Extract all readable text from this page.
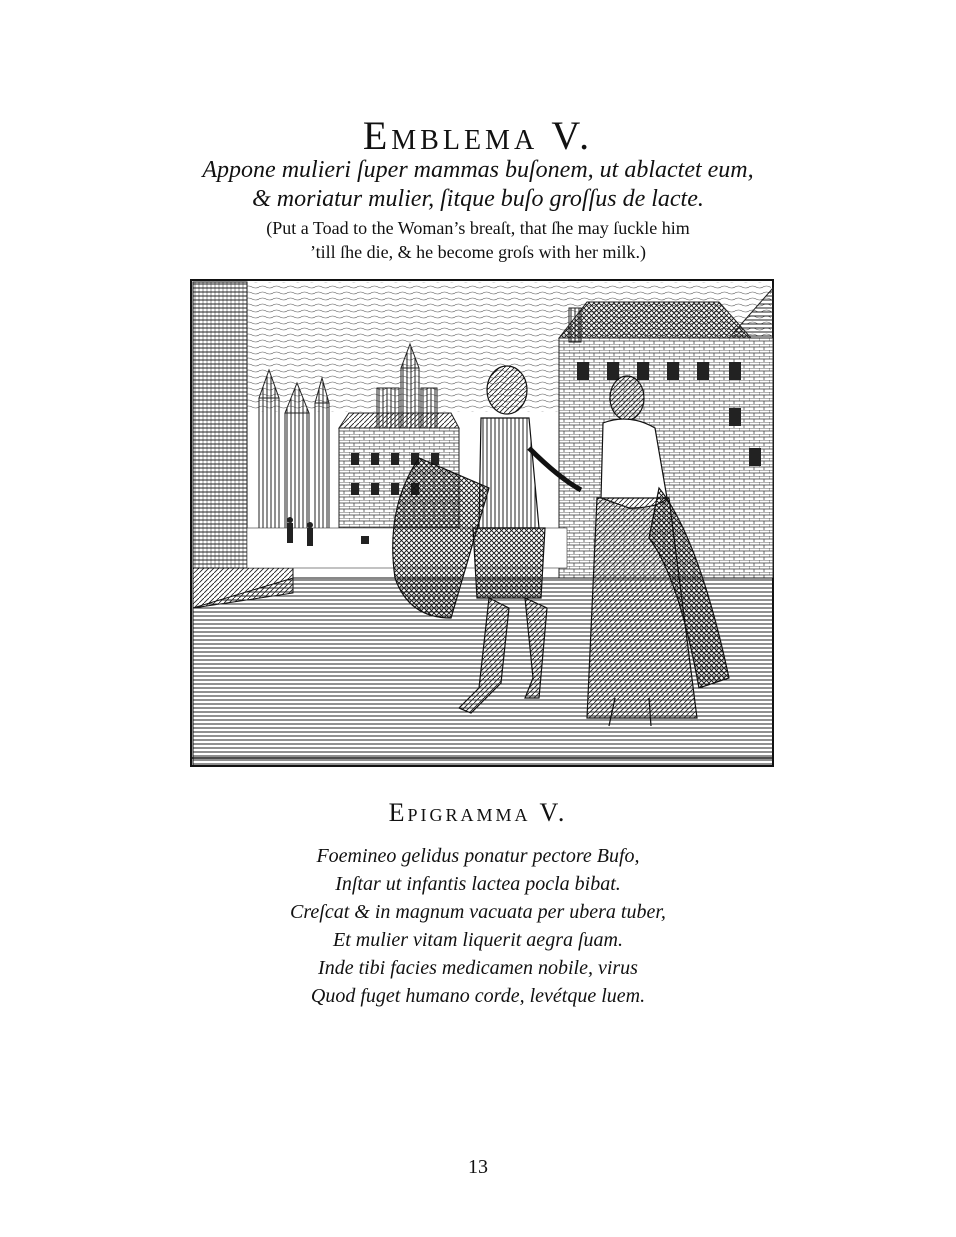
Emblema V.
Appone mulieri ſuper mammas buſonem, ut ablactet eum,
& moriatur mulier, ſitque buſo groſſus de lacte.
(Put a Toad to the Woman’s breaſt, that ſhe may ſuckle him
’till ſhe die, & he become groſs with her milk.)
Epigramma V.
Foemineo gelidus ponatur pectore Bufo,
Inſtar ut infantis lactea pocla bibat.
Creſcat & in magnum vacuata per ubera tuber,
Et mulier vitam liquerit aegra ſuam.
Inde tibi facies medicamen nobile, virus
Quod fuget humano corde, levétque luem.
13
